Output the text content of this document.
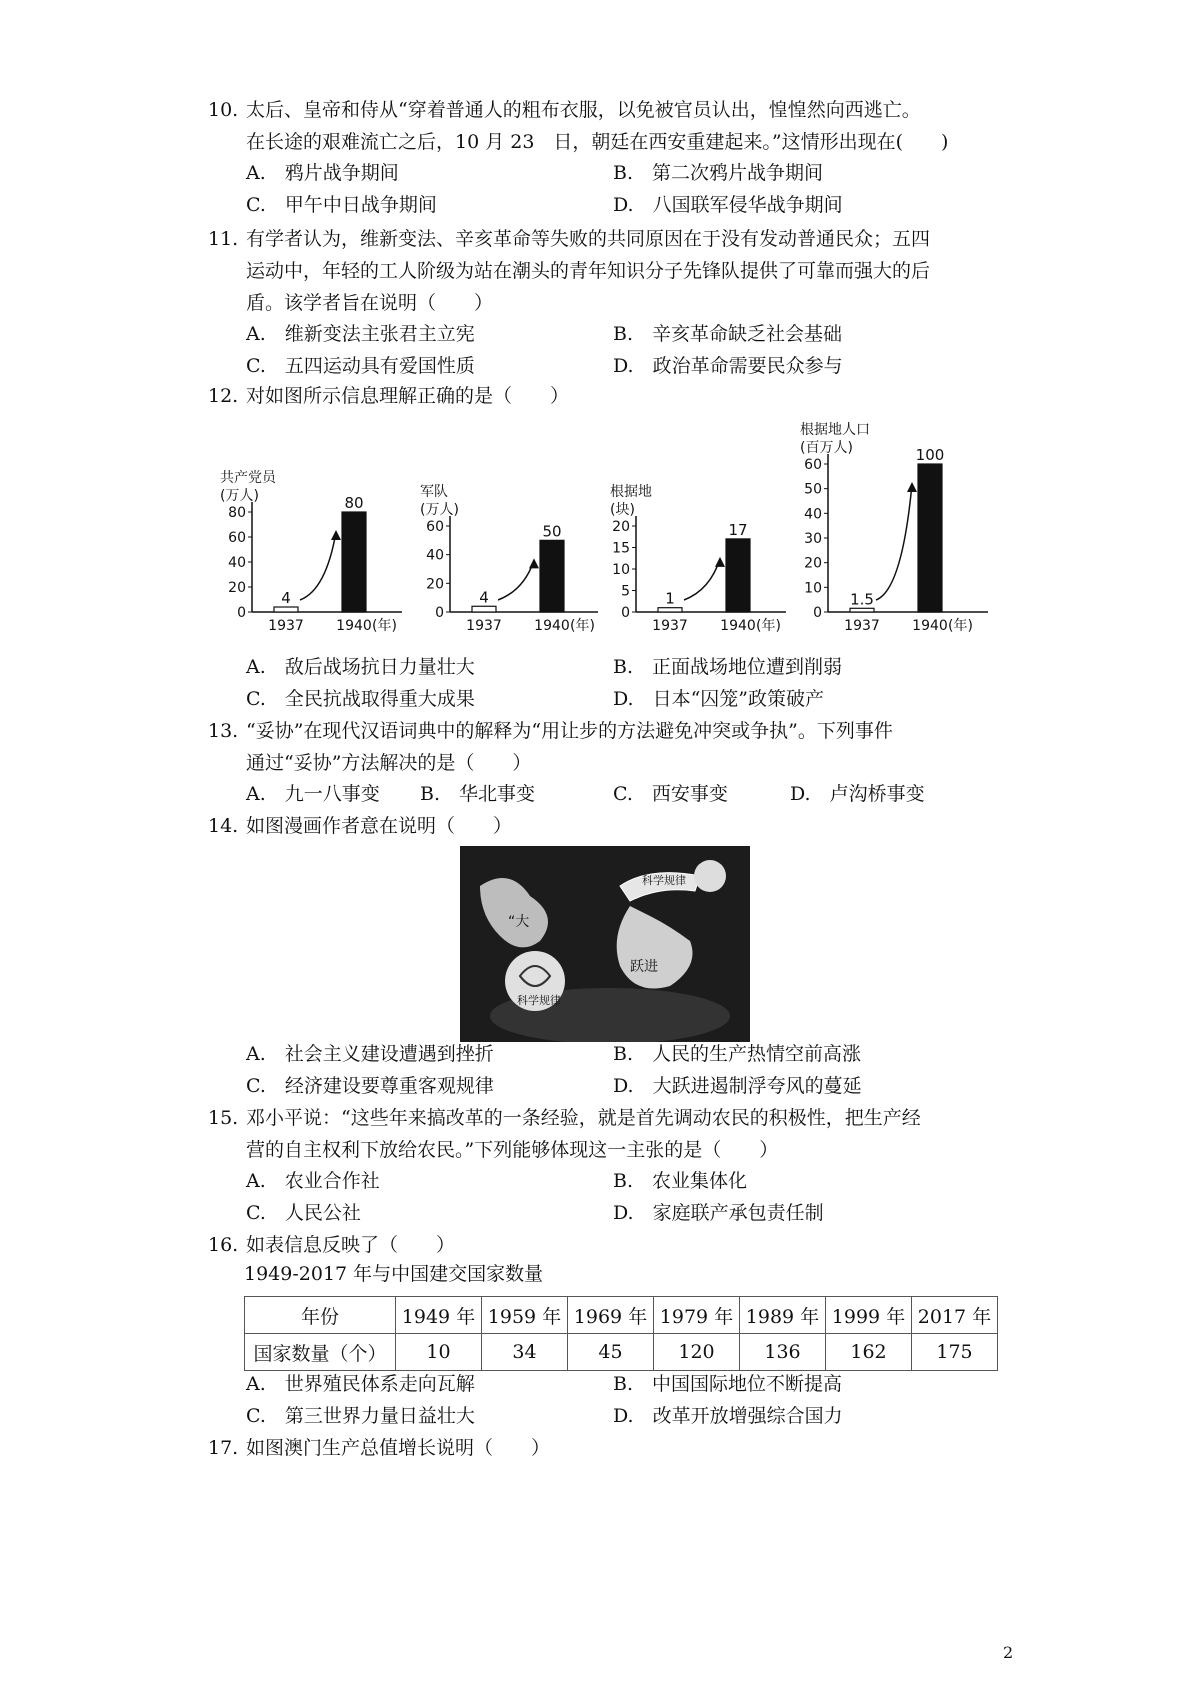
10. 太后、皇帝和侍从“穿着普通人的粗布衣服，以免被官员认出，惶惶然向西逃亡。
在长途的艰难流亡之后，10 月 23　日，朝廷在西安重建起来。”这情形出现在(　　)
A.　鸦片战争期间	B.　第二次鸦片战争期间
C.　甲午中日战争期间	D.　八国联军侵华战争期间
11. 有学者认为，维新变法、辛亥革命等失败的共同原因在于没有发动普通民众；五四
运动中，年轻的工人阶级为站在潮头的青年知识分子先锋队提供了可靠而强大的后
盾。该学者旨在说明（　　）
A.　维新变法主张君主立宪	B.　辛亥革命缺乏社会基础
C.　五四运动具有爱国性质	D.　政治革命需要民众参与
12. 对如图所示信息理解正确的是（　　）
A.　敌后战场抗日力量壮大	B.　正面战场地位遭到削弱
C.　全民抗战取得重大成果	D.　日本“囚笼”政策破产
13. “妥协”在现代汉语词典中的解释为“用让步的方法避免冲突或争执”。下列事件
通过“妥协”方法解决的是（　　）
A.　九一八事变 B.　华北事变	C.　西安事变	D.　卢沟桥事变
14. 如图漫画作者意在说明（　　）
A.　社会主义建设遭遇到挫折	B.　人民的生产热情空前高涨
C.　经济建设要尊重客观规律	D.　大跃进遏制浮夸风的蔓延
15. 邓小平说：“这些年来搞改革的一条经验，就是首先调动农民的积极性，把生产经
营的自主权利下放给农民。”下列能够体现这一主张的是（　　）
A.　农业合作社	B.　农业集体化
C.　人民公社	D.　家庭联产承包责任制
16. 如表信息反映了（　　）
A.　世界殖民体系走向瓦解	B.　中国国际地位不断提高
C.　第三世界力量日益壮大	D.　改革开放增强综合国力
17. 如图澳门生产总值增长说明（　　）
共产党员
(万人)
0
20
40
60
80
4
1937
80
1940 (年)
军队
(万人)
0
20
40
60
4
1937
50
1940 (年)
根据地
(块)
0
5
10
15
20
1
1937
17
1940 (年)
根据地人口
(百万人)
0
10
20
30
40
50
60
1.5
1937
100
1940 (年)
“大
跃进
科学规律
科学规律
1949-2017 年与中国建交国家数量
年份	1949 年	1959 年	1969 年	1979 年	1989 年	1999 年	2017 年
国家数量（个）	10	34	45	120	136	162	175
2
